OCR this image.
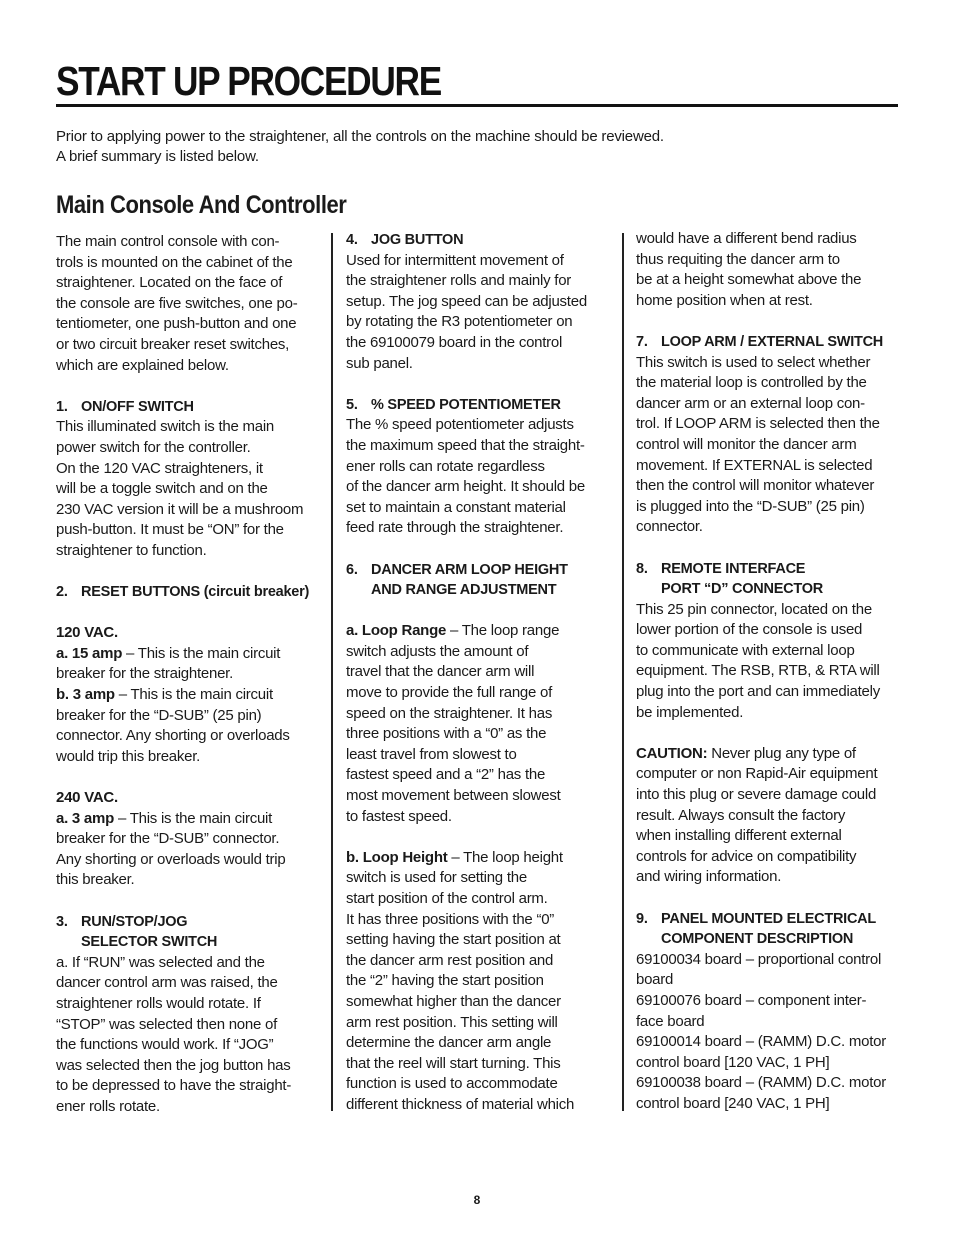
START UP PROCEDURE

Prior to applying power to the straightener, all the controls on the machine should be reviewed.

A brief summary is listed below.

Main Console And Controller

The main control console with con-

trols is mounted on the cabinet of the

straightener. Located on the face of

the console are five switches, one po-

tentiometer, one push-button and one

or two circuit breaker reset switches,

which are explained below.

1. ON/OFF SWITCH

This illuminated switch is the main

power switch for the controller.

On the 120 VAC straighteners, it

will be a toggle switch and on the

230 VAC version it will be a mushroom

push-button. It must be “ON” for the

straightener to function.

2. RESET BUTTONS (circuit breaker)

120 VAC.

a. 15 amp – This is the main circuit

breaker for the straightener.

b. 3 amp – This is the main circuit

breaker for the “D-SUB” (25 pin)

connector. Any shorting or overloads

would trip this breaker.

240 VAC.

a. 3 amp – This is the main circuit

breaker for the “D-SUB” connector.

Any shorting or overloads would trip

this breaker.

3. RUN/STOP/JOG

SELECTOR SWITCH

a. If “RUN” was selected and the

dancer control arm was raised, the

straightener rolls would rotate. If

“STOP” was selected then none of

the functions would work. If “JOG”

was selected then the jog button has

to be depressed to have the straight-

ener rolls rotate.

4. JOG BUTTON

Used for intermittent movement of

the straightener rolls and mainly for

setup. The jog speed can be adjusted

by rotating the R3 potentiometer on

the 69100079 board in the control

sub panel.

5. % SPEED POTENTIOMETER

The % speed potentiometer adjusts

the maximum speed that the straight-

ener rolls can rotate regardless

of the dancer arm height. It should be

set to maintain a constant material

feed rate through the straightener.

6. DANCER ARM LOOP HEIGHT

AND RANGE ADJUSTMENT

a. Loop Range – The loop range

switch adjusts the amount of

travel that the dancer arm will

move to provide the full range of

speed on the straightener. It has

three positions with a “0” as the

least travel from slowest to

fastest speed and a “2” has the

most movement between slowest

to fastest speed.

b. Loop Height – The loop height

switch is used for setting the

start position of the control arm.

It has three positions with the “0”

setting having the start position at

the dancer arm rest position and

the “2” having the start position

somewhat higher than the dancer

arm rest position. This setting will

determine the dancer arm angle

that the reel will start turning. This

function is used to accommodate

different thickness of material which

would have a different bend radius

thus requiting the dancer arm to

be at a height somewhat above the

home position when at rest.

7. LOOP ARM / EXTERNAL SWITCH

This switch is used to select whether

the material loop is controlled by the

dancer arm or an external loop con-

trol. If LOOP ARM is selected then the

control will monitor the dancer arm

movement. If EXTERNAL is selected

then the control will monitor whatever

is plugged into the “D-SUB” (25 pin)

connector.

8. REMOTE INTERFACE

PORT “D” CONNECTOR

This 25 pin connector, located on the

lower portion of the console is used

to communicate with external loop

equipment. The RSB, RTB, & RTA will

plug into the port and can immediately

be implemented.

CAUTION: Never plug any type of

computer or non Rapid-Air equipment

into this plug or severe damage could

result. Always consult the factory

when installing different external

controls for advice on compatibility

and wiring information.

9. PANEL MOUNTED ELECTRICAL

COMPONENT DESCRIPTION

69100034 board – proportional control

board

69100076 board – component inter-

face board

69100014 board – (RAMM) D.C. motor

control board [120 VAC, 1 PH]

69100038 board – (RAMM) D.C. motor

control board [240 VAC, 1 PH]

8
